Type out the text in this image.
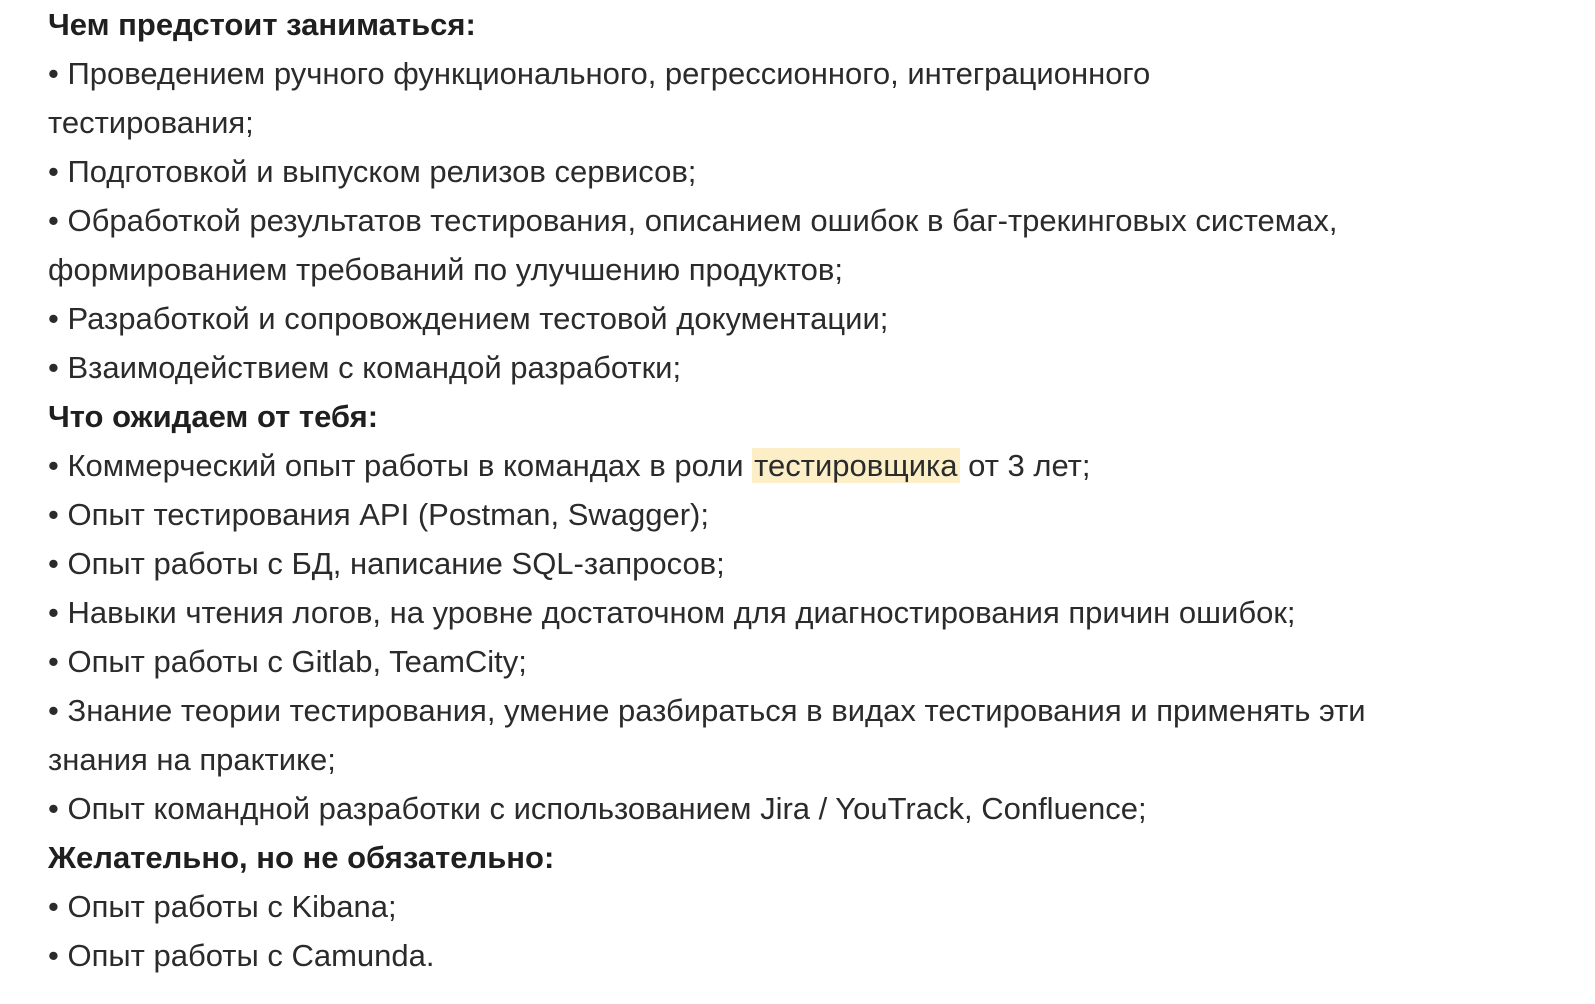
Чем предстоит заниматься:
• Проведением ручного функционального, регрессионного, интеграционного
тестирования;
• Подготовкой и выпуском релизов сервисов;
• Обработкой результатов тестирования, описанием ошибок в баг-трекинговых системах,
формированием требований по улучшению продуктов;
• Разработкой и сопровождением тестовой документации;
• Взаимодействием с командой разработки;
Что ожидаем от тебя:
• Коммерческий опыт работы в командах в роли тестировщика от 3 лет;
• Опыт тестирования API (Postman, Swagger);
• Опыт работы с БД, написание SQL-запросов;
• Навыки чтения логов, на уровне достаточном для диагностирования причин ошибок;
• Опыт работы с Gitlab, TeamCity;
• Знание теории тестирования, умение разбираться в видах тестирования и применять эти
знания на практике;
• Опыт командной разработки с использованием Jira / YouTrack, Confluence;
Желательно, но не обязательно:
• Опыт работы с Kibana;
• Опыт работы с Camunda.
